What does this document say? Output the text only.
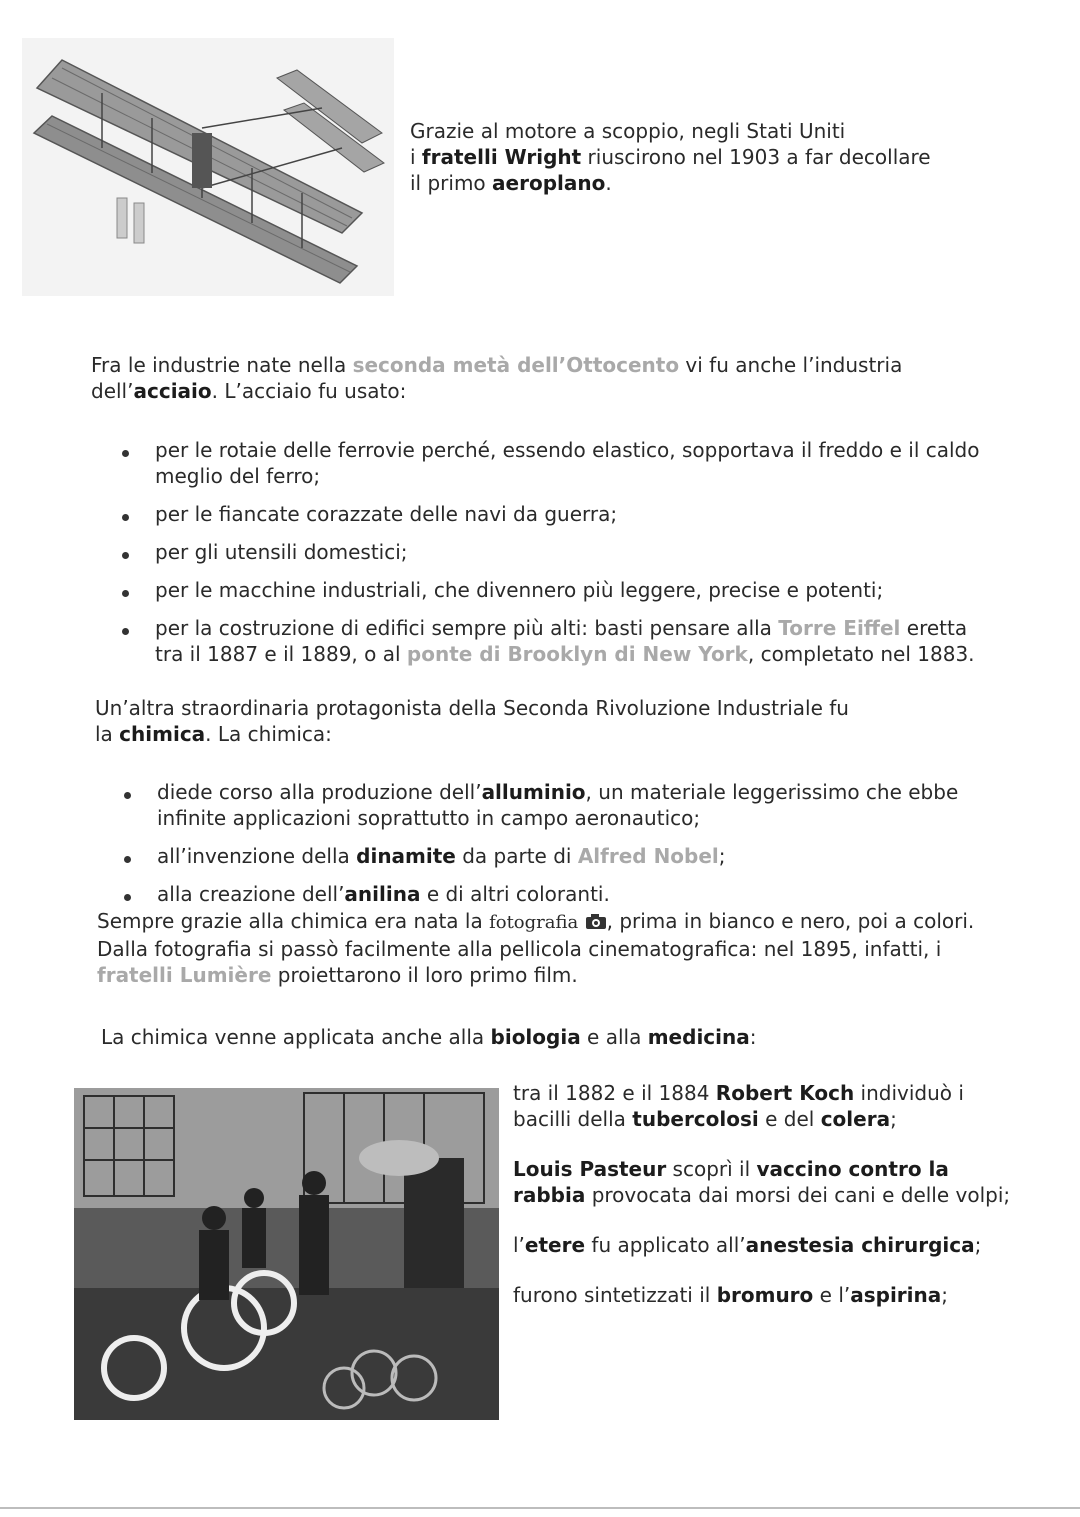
Grazie al motore a scoppio, negli Stati Uniti
i fratelli Wright riuscirono nel 1903 a far decollare
il primo aeroplano.
Fra le industrie nate nella seconda metà dell’Ottocento vi fu anche l’industria
dell’acciaio. L’acciaio fu usato:
per le rotaie delle ferrovie perché, essendo elastico, sopportava il freddo e il caldo meglio del ferro;
per le fiancate corazzate delle navi da guerra;
per gli utensili domestici;
per le macchine industriali, che divennero più leggere, precise e potenti;
per la costruzione di edifici sempre più alti: basti pensare alla Torre Eiffel eretta tra il 1887 e il 1889, o al ponte di Brooklyn di New York, completato nel 1883.
Un’altra straordinaria protagonista della Seconda Rivoluzione Industriale fu
la chimica. La chimica:
diede corso alla produzione dell’alluminio, un materiale leggerissimo che ebbe infinite applicazioni soprattutto in campo aeronautico;
all’invenzione della dinamite da parte di Alfred Nobel;
alla creazione dell’anilina e di altri coloranti.
Sempre grazie alla chimica era nata la fotografia , prima in bianco e nero, poi a colori. Dalla fotografia si passò facilmente alla pellicola cinematografica: nel 1895, infatti, i fratelli Lumière proiettarono il loro primo film.
La chimica venne applicata anche alla biologia e alla medicina:

tra il 1882 e il 1884 Robert Koch individuò i bacilli della tubercolosi e del colera;

Louis Pasteur scoprì il vaccino contro la rabbia provocata dai morsi dei cani e delle volpi;

l’etere fu applicato all’anestesia chirurgica;

furono sintetizzati il bromuro e l’aspirina;
